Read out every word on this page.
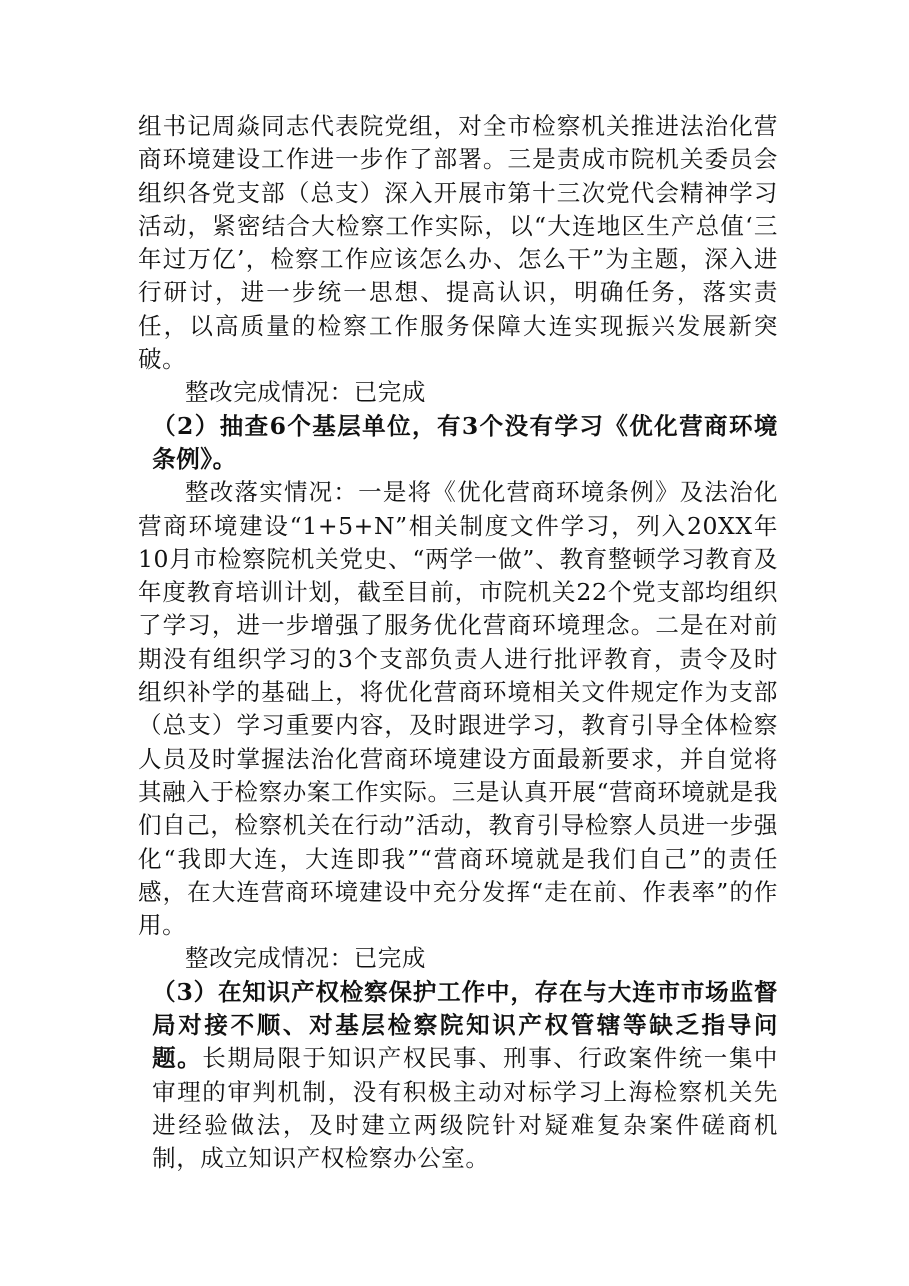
组书记周焱同志代表院党组，对全市检察机关推进法治化营商环境建设工作进一步作了部署。三是责成市院机关委员会组织各党支部（总支）深入开展市第十三次党代会精神学习活动，紧密结合大检察工作实际，以“大连地区生产总值‘三年过万亿’，检察工作应该怎么办、怎么干”为主题，深入进行研讨，进一步统一思想、提高认识，明确任务，落实责任，以高质量的检察工作服务保障大连实现振兴发展新突破。

整改完成情况：已完成

（2）抽查6个基层单位，有3个没有学习《优化营商环境条例》。

整改落实情况：一是将《优化营商环境条例》及法治化营商环境建设“1+5+N”相关制度文件学习，列入20XX年10月市检察院机关党史、“两学一做”、教育整顿学习教育及年度教育培训计划，截至目前，市院机关22个党支部均组织了学习，进一步增强了服务优化营商环境理念。二是在对前期没有组织学习的3个支部负责人进行批评教育，责令及时组织补学的基础上，将优化营商环境相关文件规定作为支部（总支）学习重要内容，及时跟进学习，教育引导全体检察人员及时掌握法治化营商环境建设方面最新要求，并自觉将其融入于检察办案工作实际。三是认真开展“营商环境就是我们自己，检察机关在行动”活动，教育引导检察人员进一步强化“我即大连，大连即我”“营商环境就是我们自己”的责任感，在大连营商环境建设中充分发挥“走在前、作表率”的作用。

整改完成情况：已完成

（3）在知识产权检察保护工作中，存在与大连市市场监督局对接不顺、对基层检察院知识产权管辖等缺乏指导问题。长期局限于知识产权民事、刑事、行政案件统一集中审理的审判机制，没有积极主动对标学习上海检察机关先进经验做法，及时建立两级院针对疑难复杂案件磋商机制，成立知识产权检察办公室。
